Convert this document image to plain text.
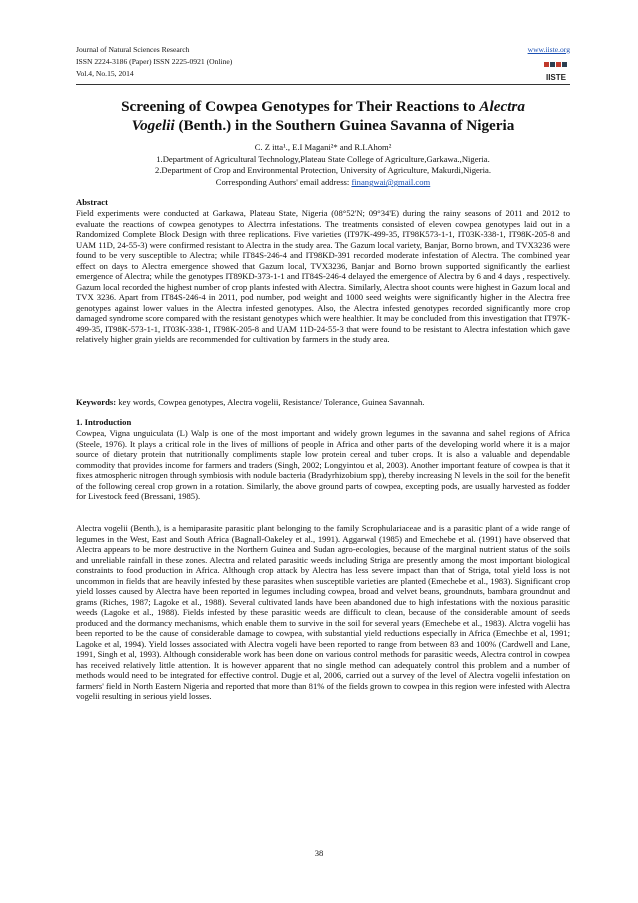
Journal of Natural Sciences Research
ISSN 2224-3186 (Paper) ISSN 2225-0921 (Online)
Vol.4, No.15, 2014
www.iiste.org
IISTE
Screening of Cowpea Genotypes for Their Reactions to Alectra
Vogelii (Benth.) in the Southern Guinea Savanna of Nigeria
C. Z itta¹., E.I Magani²* and R.I.Ahom²
1.Department of Agricultural Technology,Plateau State College of Agriculture,Garkawa.,Nigeria.
2.Department of Crop and Environmental Protection, University of Agriculture, Makurdi,Nigeria.
Corresponding Authors' email address: finangwai@gmail.com
Abstract
Field experiments were conducted at Garkawa, Plateau State, Nigeria (08°52'N; 09°34'E) during the rainy seasons of 2011 and 2012 to evaluate the reactions of cowpea genotypes to Alectrra infestations. The treatments consisted of eleven cowpea genotypes laid out in a Randomized Complete Block Design with three replications. Five varieties (IT97K-499-35, IT98K573-1-1, IT03K-338-1, IT98K-205-8 and UAM 11D, 24-55-3) were confirmed resistant to Alectra in the study area. The Gazum local variety, Banjar, Borno brown, and TVX3236 were found to be very susceptible to Alectra; while IT84S-246-4 and IT98KD-391 recorded moderate infestation of Alectra. The combined year effect on days to Alectra emergence showed that Gazum local, TVX3236, Banjar and Borno brown supported significantly the earliest emergence of Alectra; while the genotypes IT89KD-373-1-1 and IT84S-246-4 delayed the emergence of Alectra by 6 and 4 days , respectively. Gazum local recorded the highest number of crop plants infested with Alectra. Similarly, Alectra shoot counts were highest in Gazum local and TVX 3236. Apart from IT84S-246-4 in 2011, pod number, pod weight and 1000 seed weights were significantly higher in the Alectra free genotypes against lower values in the Alectra infested genotypes. Also, the Alectra infested genotypes recorded significantly more crop damaged syndrome score compared with the resistant genotypes which were healthier. It may be concluded from this investigation that IT97K-499-35, IT98K-573-1-1, IT03K-338-1, IT98K-205-8 and UAM 11D-24-55-3 that were found to be resistant to Alectra infestation which gave relatively higher grain yields are recommended for cultivation by farmers in the study area.
Keywords: key words, Cowpea genotypes, Alectra vogelii, Resistance/ Tolerance, Guinea Savannah.
1. Introduction
Cowpea, Vigna unguiculata (L) Walp is one of the most important and widely grown legumes in the savanna and sahel regions of Africa (Steele, 1976). It plays a critical role in the lives of millions of people in Africa and other parts of the developing world where it is a major source of dietary protein that nutritionally compliments staple low protein cereal and tuber crops. It is also a valuable and dependable commodity that provides income for farmers and traders (Singh, 2002; Longyintou et al, 2003). Another important feature of cowpea is that it fixes atmospheric nitrogen through symbiosis with nodule bacteria (Bradyrhizobium spp), thereby increasing N levels in the soil for the benefit of the following cereal crop grown in a rotation. Similarly, the above ground parts of cowpea, excepting pods, are usually harvested as fodder for Livestock feed (Bressani, 1985).
Alectra vogelii (Benth.), is a hemiparasite parasitic plant belonging to the family Scrophulariaceae and is a parasitic plant of a wide range of legumes in the West, East and South Africa (Bagnall-Oakeley et al., 1991). Aggarwal (1985) and Emechebe et al. (1991) have observed that Alectra appears to be more destructive in the Northern Guinea and Sudan agro-ecologies, because of the marginal nutrient status of the soils and unreliable rainfall in these zones. Alectra and related parasitic weeds including Striga are presently among the most important biological constraints to food production in Africa. Although crop attack by Alectra has less severe impact than that of Striga, total yield loss is not uncommon in fields that are heavily infested by these parasites when susceptible varieties are planted (Emechebe et al., 1983). Significant crop yield losses caused by Alectra have been reported in legumes including cowpea, broad and velvet beans, groundnuts, bambara groundnut and grams (Riches, 1987; Lagoke et al., 1988). Several cultivated lands have been abandoned due to high infestations with the noxious parasitic weeds (Lagoke et al., 1988). Fields infested by these parasitic weeds are difficult to clean, because of the considerable amount of seeds produced and the dormancy mechanisms, which enable them to survive in the soil for several years (Emechebe et al., 1983). Alctra vogelii has been reported to be the cause of considerable damage to cowpea, with substantial yield reductions especially in Africa (Emechbe et al, 1991; Lagoke et al, 1994). Yield losses associated with Alectra vogeli have been reported to range from between 83 and 100% (Cardwell and Lane, 1991, Singh et al, 1993). Although considerable work has been done on various control methods for parasitic weeds, Alectra control in cowpea has received relatively little attention. It is however apparent that no single method can adequately control this problem and a number of methods would need to be integrated for effective control. Dugje et al, 2006, carried out a survey of the level of Alectra vogelii infestation on farmers' field in North Eastern Nigeria and reported that more than 81% of the fields grown to cowpea in this region were infested with Alectra vogelii resulting in serious yield losses.
38
